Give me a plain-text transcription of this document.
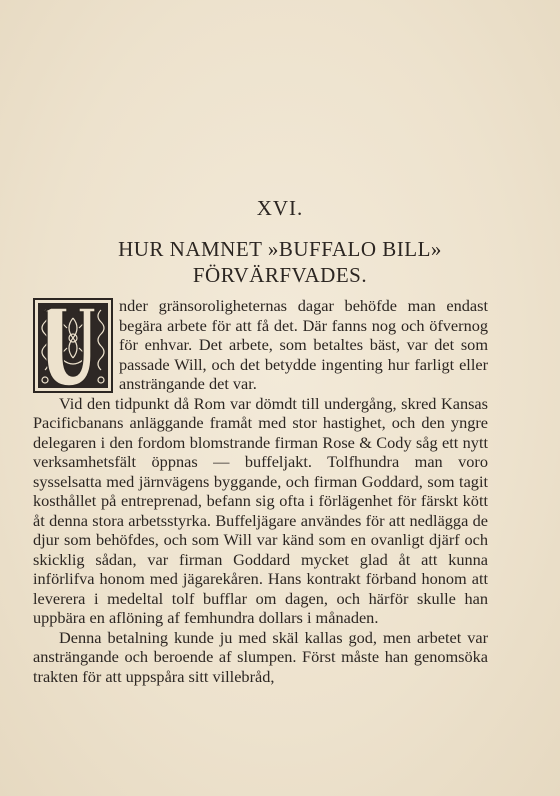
XVI.
HUR NAMNET »BUFFALO BILL»
FÖRVÄRFVADES.

nder gränsoroligheternas dagar behöfde man endast begära arbete för att få det. Där fanns nog och öfvernog för enhvar. Det arbete, som betaltes bäst, var det som passade Will, och det betydde ingenting hur farligt eller ansträngande det var.

Vid den tidpunkt då Rom var dömdt till undergång, skred Kansas Pacificbanans anläggande framåt med stor hastighet, och den yngre delegaren i den fordom blomstrande firman Rose & Cody såg ett nytt verksamhetsfält öppnas — buffeljakt. Tolfhundra man voro sysselsatta med järnvägens byggande, och firman Goddard, som tagit kosthållet på entreprenad, befann sig ofta i förlägenhet för färskt kött åt denna stora arbetsstyrka. Buffeljägare användes för att nedlägga de djur som behöfdes, och som Will var känd som en ovanligt djärf och skicklig sådan, var firman Goddard mycket glad åt att kunna införlifva honom med jägarekåren. Hans kontrakt förband honom att leverera i medeltal tolf bufflar om dagen, och härför skulle han uppbära en aflöning af femhundra dollars i månaden.

Denna betalning kunde ju med skäl kallas god, men arbetet var ansträngande och beroende af slumpen. Först måste han genomsöka trakten för att uppspåra sitt villebråd,
